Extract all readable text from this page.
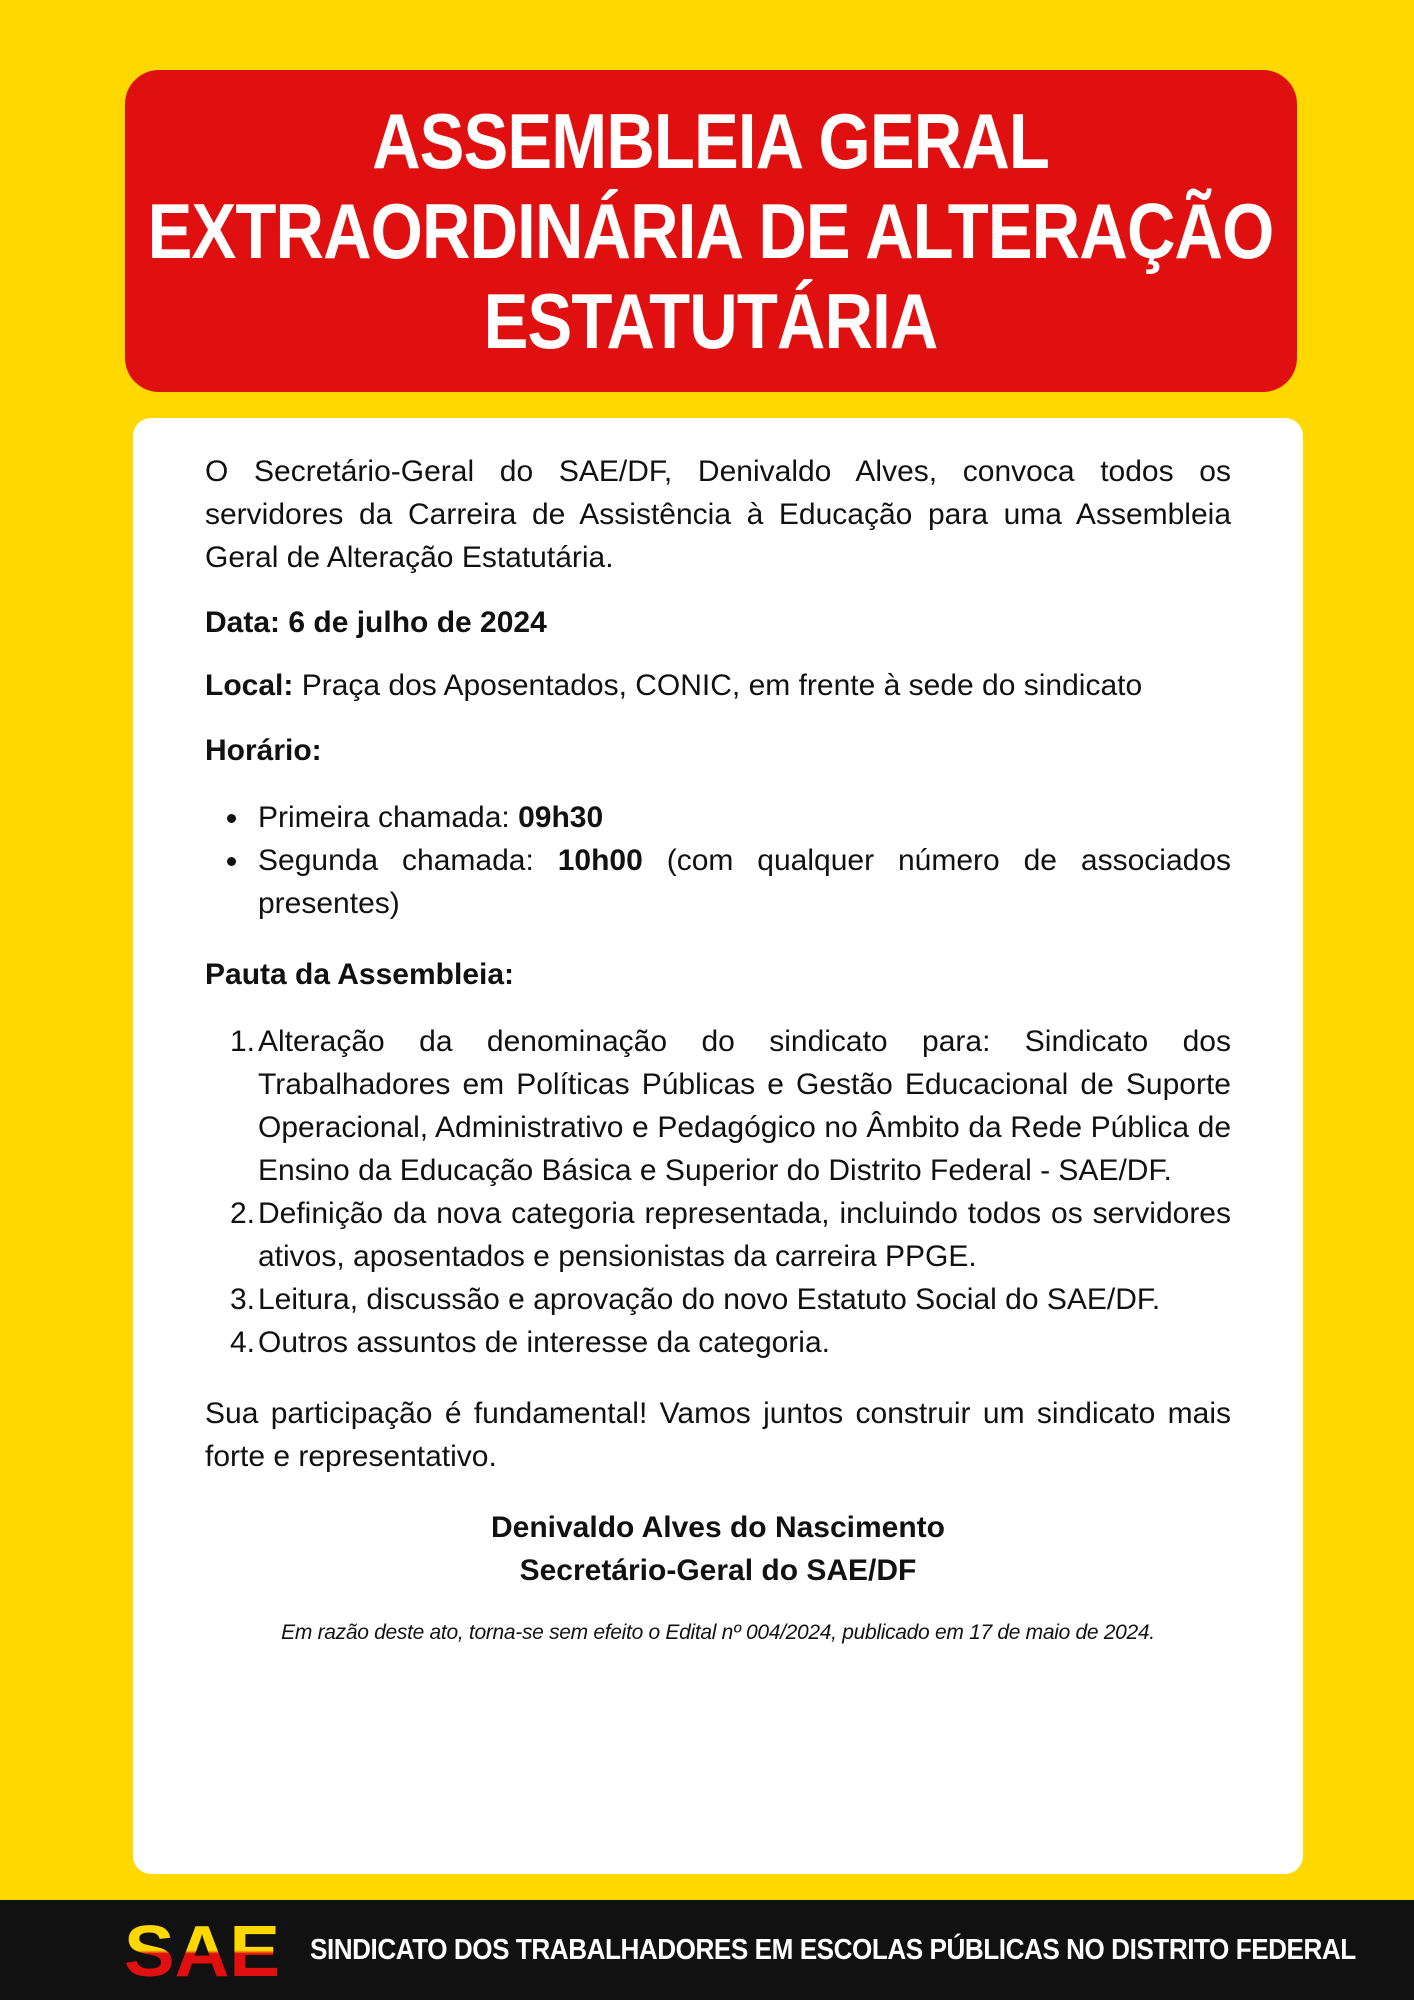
ASSEMBLEIA GERAL
EXTRAORDINÁRIA DE ALTERAÇÃO
ESTATUTÁRIA

O Secretário-Geral do SAE/DF, Denivaldo Alves, convoca todos os servidores da Carreira de Assistência à Educação para uma Assembleia Geral de Alteração Estatutária.

Data: 6 de julho de 2024

Local: Praça dos Aposentados, CONIC, em frente à sede do sindicato

Horário:

Primeira chamada: 09h30
Segunda chamada: 10h00 (com qualquer número de associados presentes)

Pauta da Assembleia:

1. Alteração da denominação do sindicato para: Sindicato dos Trabalhadores em Políticas Públicas e Gestão Educacional de Suporte Operacional, Administrativo e Pedagógico no Âmbito da Rede Pública de Ensino da Educação Básica e Superior do Distrito Federal - SAE/DF.
2. Definição da nova categoria representada, incluindo todos os servidores ativos, aposentados e pensionistas da carreira PPGE.
3. Leitura, discussão e aprovação do novo Estatuto Social do SAE/DF.
4. Outros assuntos de interesse da categoria.

Sua participação é fundamental! Vamos juntos construir um sindicato mais forte e representativo.

Denivaldo Alves do Nascimento
Secretário-Geral do SAE/DF

Em razão deste ato, torna-se sem efeito o Edital nº 004/2024, publicado em 17 de maio de 2024.

SAE SINDICATO DOS TRABALHADORES EM ESCOLAS PÚBLICAS NO DISTRITO FEDERAL
